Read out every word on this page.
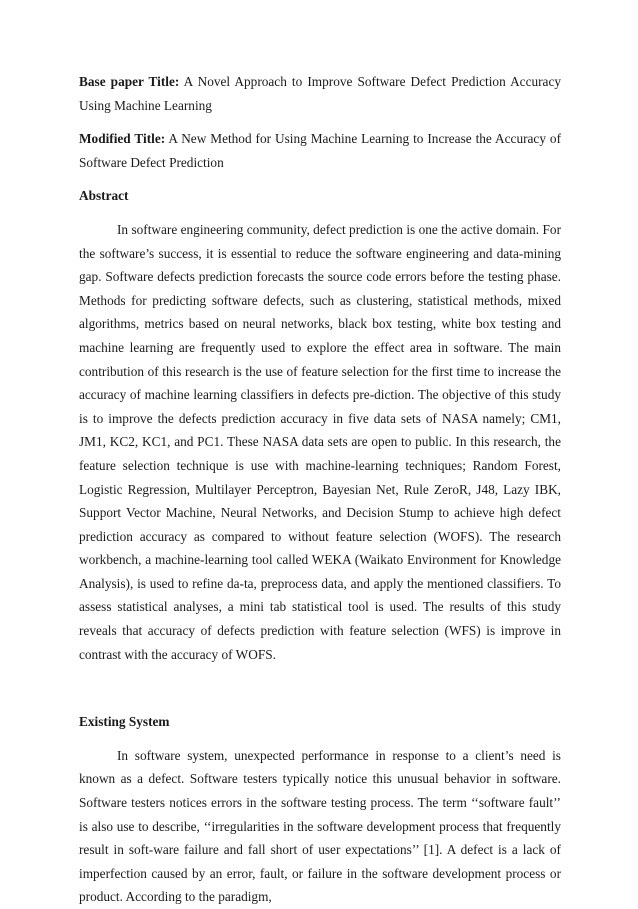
Base paper Title: A Novel Approach to Improve Software Defect Prediction Accuracy Using Machine Learning

Modified Title: A New Method for Using Machine Learning to Increase the Accuracy of Software Defect Prediction

Abstract

In software engineering community, defect prediction is one the active domain. For the software’s success, it is essential to reduce the software engineering and data-mining gap. Software defects prediction forecasts the source code errors before the testing phase. Methods for predicting software defects, such as clustering, statistical methods, mixed algorithms, metrics based on neural networks, black box testing, white box testing and machine learning are frequently used to explore the effect area in software. The main contribution of this research is the use of feature selection for the first time to increase the accuracy of machine learning classifiers in defects pre-diction. The objective of this study is to improve the defects prediction accuracy in five data sets of NASA namely; CM1, JM1, KC2, KC1, and PC1. These NASA data sets are open to public. In this research, the feature selection technique is use with machine-learning techniques; Random Forest, Logistic Regression, Multilayer Perceptron, Bayesian Net, Rule ZeroR, J48, Lazy IBK, Support Vector Machine, Neural Networks, and Decision Stump to achieve high defect prediction accuracy as compared to without feature selection (WOFS). The research workbench, a machine-learning tool called WEKA (Waikato Environment for Knowledge Analysis), is used to refine da-ta, preprocess data, and apply the mentioned classifiers. To assess statistical analyses, a mini tab statistical tool is used. The results of this study reveals that accuracy of defects prediction with feature selection (WFS) is improve in contrast with the accuracy of WOFS.

Existing System

In software system, unexpected performance in response to a client’s need is known as a defect. Software testers typically notice this unusual behavior in software. Software testers notices errors in the software testing process. The term ‘‘software fault’’ is also use to describe, ‘‘irregularities in the software development process that frequently result in soft-ware failure and fall short of user expectations’’ [1]. A defect is a lack of imperfection caused by an error, fault, or failure in the software development process or product. According to the paradigm,
